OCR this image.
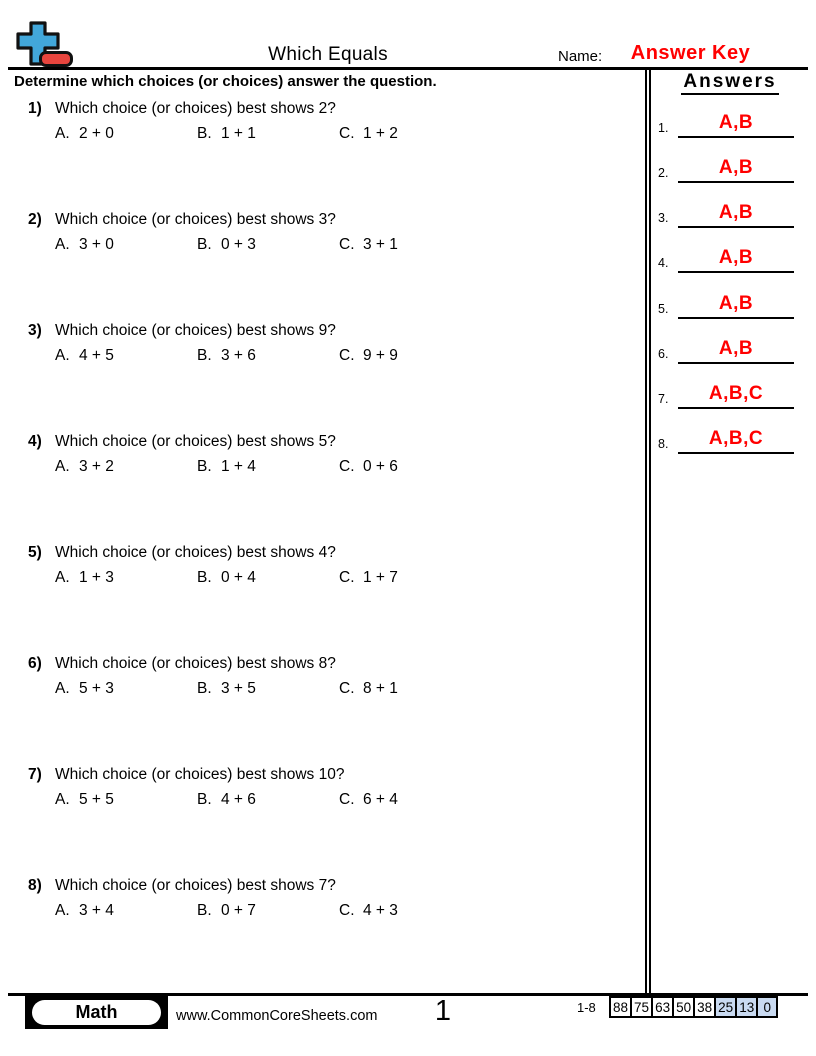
Which Equals	Name:	Answer Key
Determine which choices (or choices) answer the question.	Answers
1.	A,B
2.	A,B
3.	A,B
4.	A,B
5.	A,B
6.	A,B
7.	A,B,C
8.	A,B,C
1) Which choice (or choices) best shows 2?
A. 2 + 0	B. 1 + 1	C. 1 + 2
2) Which choice (or choices) best shows 3?
A. 3 + 0	B. 0 + 3	C. 3 + 1
3) Which choice (or choices) best shows 9?
A. 4 + 5	B. 3 + 6	C. 9 + 9
4) Which choice (or choices) best shows 5?
A. 3 + 2	B. 1 + 4	C. 0 + 6
5) Which choice (or choices) best shows 4?
A. 1 + 3	B. 0 + 4	C. 1 + 7
6) Which choice (or choices) best shows 8?
A. 5 + 3	B. 3 + 5	C. 8 + 1
7) Which choice (or choices) best shows 10?
A. 5 + 5	B. 4 + 6	C. 6 + 4
8) Which choice (or choices) best shows 7?
A. 3 + 4	B. 0 + 7	C. 4 + 3
Math	www.CommonCoreSheets.com	1	1-8 88 75 63 50 38 25 13 0
